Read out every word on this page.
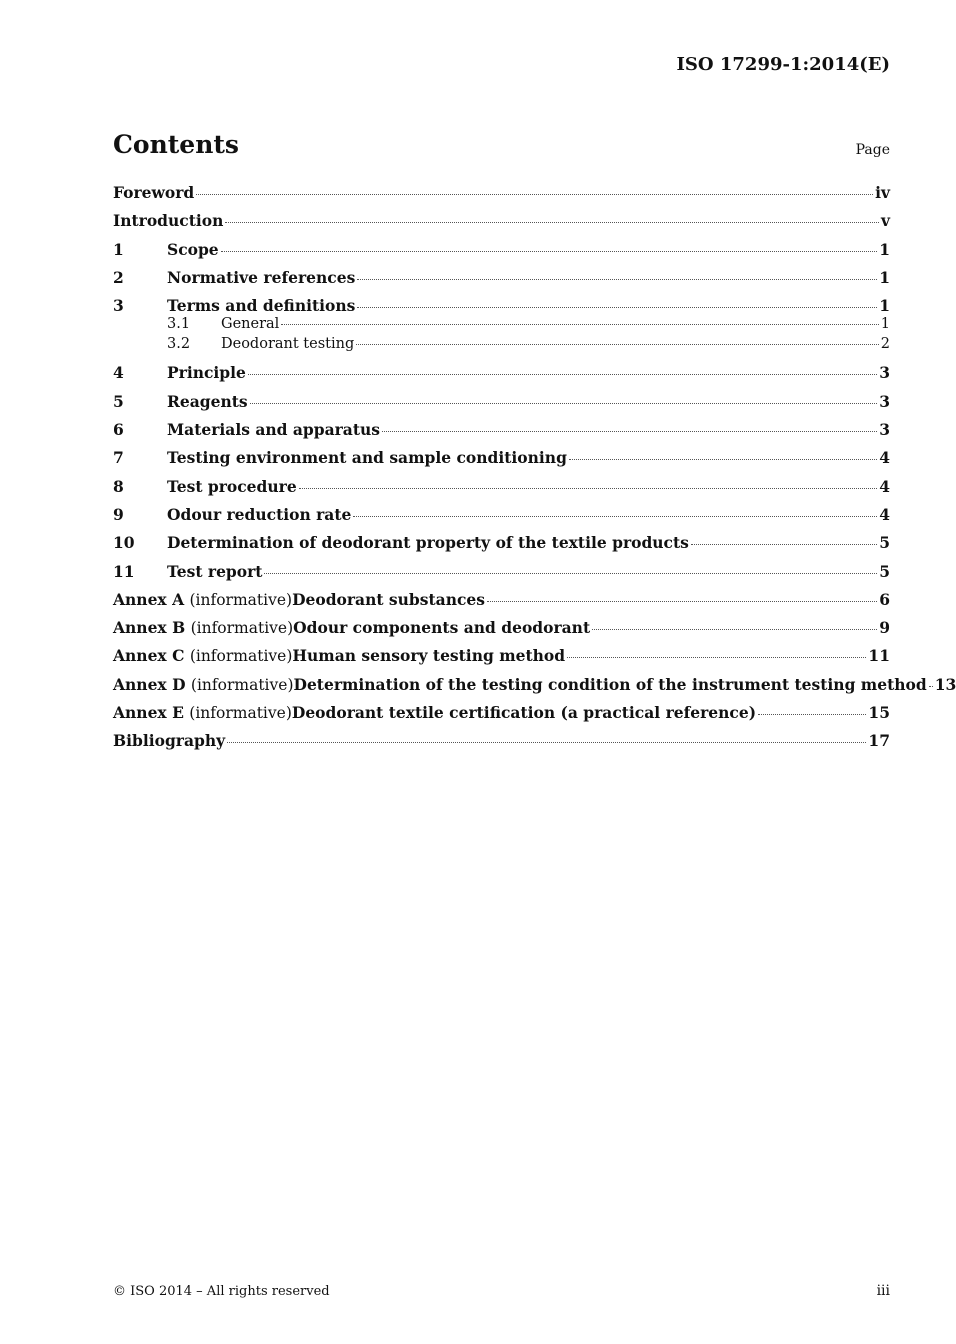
ISO 17299-1:2014(E)
Contents	Page
Foreword	iv
Introduction	v
1	Scope	1
2	Normative references	1
3	Terms and definitions	1
3.1	General	1
3.2	Deodorant testing	2
4	Principle	3
5	Reagents	3
6	Materials and apparatus	3
7	Testing environment and sample conditioning	4
8	Test procedure	4
9	Odour reduction rate	4
10	Determination of deodorant property of the textile products	5
11	Test report	5
Annex A (informative) Deodorant substances	6
Annex B (informative) Odour components and deodorant	9
Annex C (informative) Human sensory testing method	11
Annex D (informative) Determination of the testing condition of the instrument testing method 13
Annex E (informative) Deodorant textile certification (a practical reference)	15
Bibliography	17
© ISO 2014 – All rights reserved	iii
